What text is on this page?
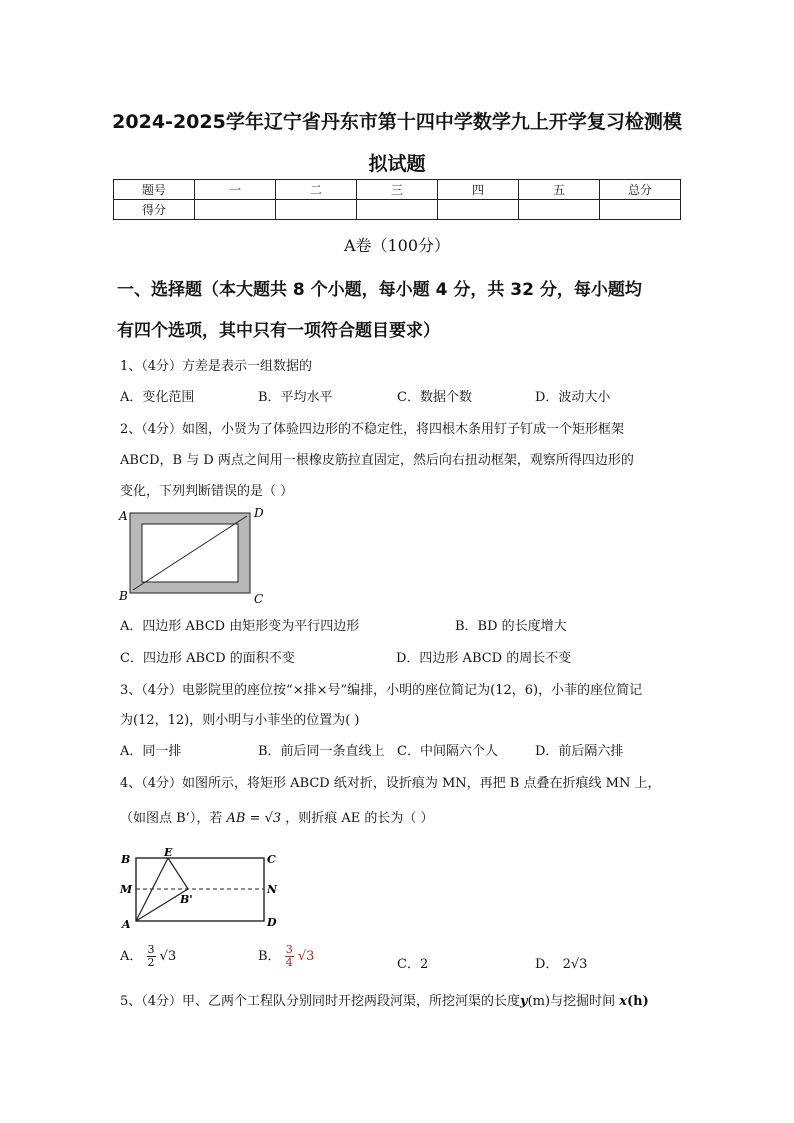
2024-2025学年辽宁省丹东市第十四中学数学九上开学复习检测模
拟试题
题号	一	二	三	四	五	总分
得分						
A卷（100分）
一、选择题（本大题共 8 个小题，每小题 4 分，共 32 分，每小题均
有四个选项，其中只有一项符合题目要求）
1、（4分）方差是表示一组数据的
A．变化范围	B．平均水平	C．数据个数	D．波动大小
2、（4分）如图，小贤为了体验四边形的不稳定性，将四根木条用钉子钉成一个矩形框架
ABCD，B 与 D 两点之间用一根橡皮筋拉直固定，然后向右扭动框架，观察所得四边形的
变化，下列判断错误的是（ ）
A	D
B	C
A．四边形 ABCD 由矩形变为平行四边形	B．BD 的长度增大
C．四边形 ABCD 的面积不变	D．四边形 ABCD 的周长不变
3、（4分）电影院里的座位按“×排×号”编排，小明的座位简记为(12，6)，小菲的座位简记
为(12，12)，则小明与小菲坐的位置为( )
A．同一排	B．前后同一条直线上 C．中间隔六个人	D．前后隔六排
4、（4分）如图所示，将矩形 ABCD 纸对折，设折痕为 MN，再把 B 点叠在折痕线 MN 上，
（如图点 B’），若 AB = √3 ，则折痕 AE 的长为（ ）
B
E
C
M	N
B'
A	D
A． $\frac{3}{2} √3$	B． $\frac{3}{4} √3$
C．2	D． 2√3
5、（4分）甲、乙两个工程队分别同时开挖两段河渠，所挖河渠的长度y(m)与挖掘时间 x(h)
